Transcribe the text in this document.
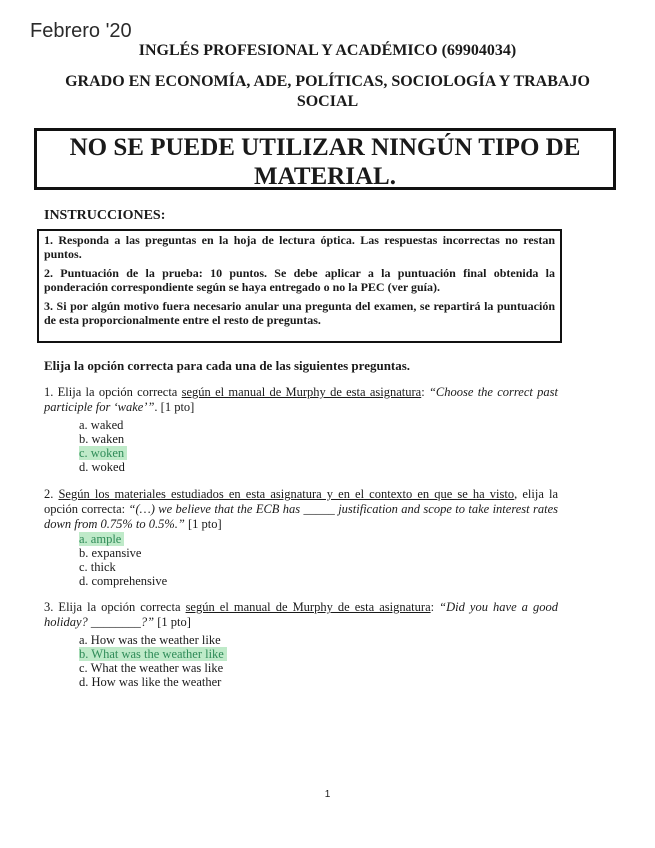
Febrero '20
INGLÉS PROFESIONAL Y ACADÉMICO (69904034)
GRADO EN ECONOMÍA, ADE, POLÍTICAS, SOCIOLOGÍA Y TRABAJO SOCIAL
NO SE PUEDE UTILIZAR NINGÚN TIPO DE MATERIAL.
INSTRUCCIONES:

1. Responda a las preguntas en la hoja de lectura óptica. Las respuestas incorrectas no restan puntos.

2. Puntuación de la prueba: 10 puntos. Se debe aplicar a la puntuación final obtenida la ponderación correspondiente según se haya entregado o no la PEC (ver guía).

3. Si por algún motivo fuera necesario anular una pregunta del examen, se repartirá la puntuación de esta proporcionalmente entre el resto de preguntas.

Elija la opción correcta para cada una de las siguientes preguntas.
1. Elija la opción correcta según el manual de Murphy de esta asignatura: “Choose the correct past participle for ‘wake’”. [1 pto]
a. waked
b. waken
c. woken
d. woked
2. Según los materiales estudiados en esta asignatura y en el contexto en que se ha visto, elija la opción correcta: “(…) we believe that the ECB has _____ justification and scope to take interest rates down from 0.75% to 0.5%.” [1 pto]
a. ample
b. expansive
c. thick
d. comprehensive
3. Elija la opción correcta según el manual de Murphy de esta asignatura: “Did you have a good holiday? ________?” [1 pto]
a. How was the weather like
b. What was the weather like
c. What the weather was like
d. How was like the weather
1
